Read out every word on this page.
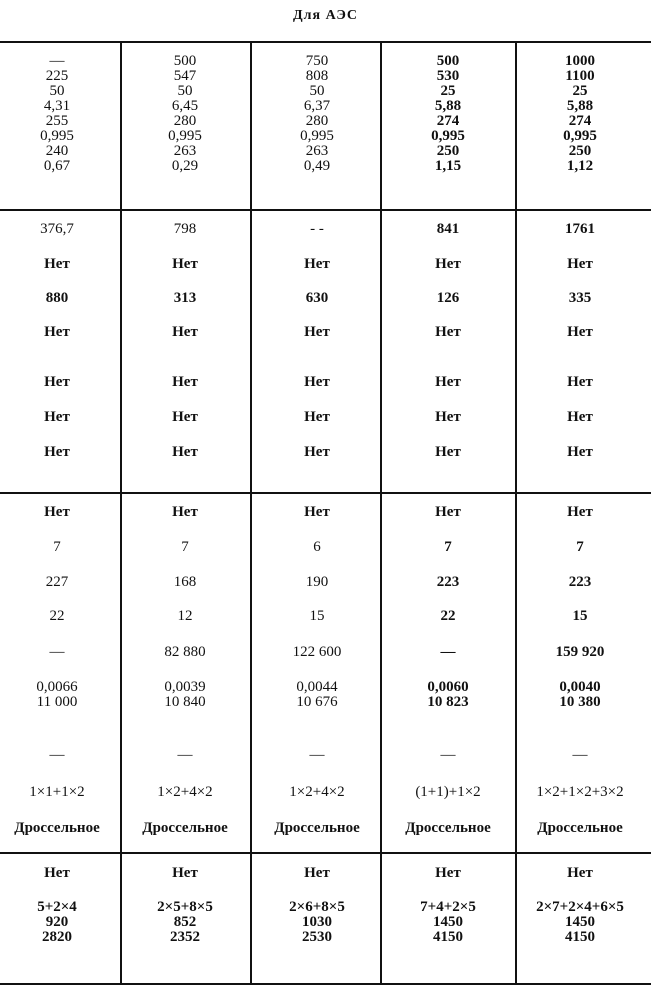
Для АЭС
—
225
50
4,31
255
0,995
240
0,67
376,7
Нет
880
Нет
Нет
Нет
Нет
Нет
7
227
22
—
0,0066
11 000
—
1×1+1×2
Дроссельное
Нет
5+2×4
920
2820
500
547
50
6,45
280
0,995
263
0,29
798
Нет
313
Нет
Нет
Нет
Нет
Нет
7
168
12
82 880
0,0039
10 840
—
1×2+4×2
Дроссельное
Нет
2×5+8×5
852
2352
750
808
50
6,37
280
0,995
263
0,49
- -
Нет
630
Нет
Нет
Нет
Нет
Нет
6
190
15
122 600
0,0044
10 676
—
1×2+4×2
Дроссельное
Нет
2×6+8×5
1030
2530
500
530
25
5,88
274
0,995
250
1,15
841
Нет
126
Нет
Нет
Нет
Нет
Нет
7
223
22
—
0,0060
10 823
—
(1+1)+1×2
Дроссельное
Нет
7+4+2×5
1450
4150
1000
1100
25
5,88
274
0,995
250
1,12
1761
Нет
335
Нет
Нет
Нет
Нет
Нет
7
223
15
159 920
0,0040
10 380
—
1×2+1×2+3×2
Дроссельное
Нет
2×7+2×4+6×5
1450
4150
